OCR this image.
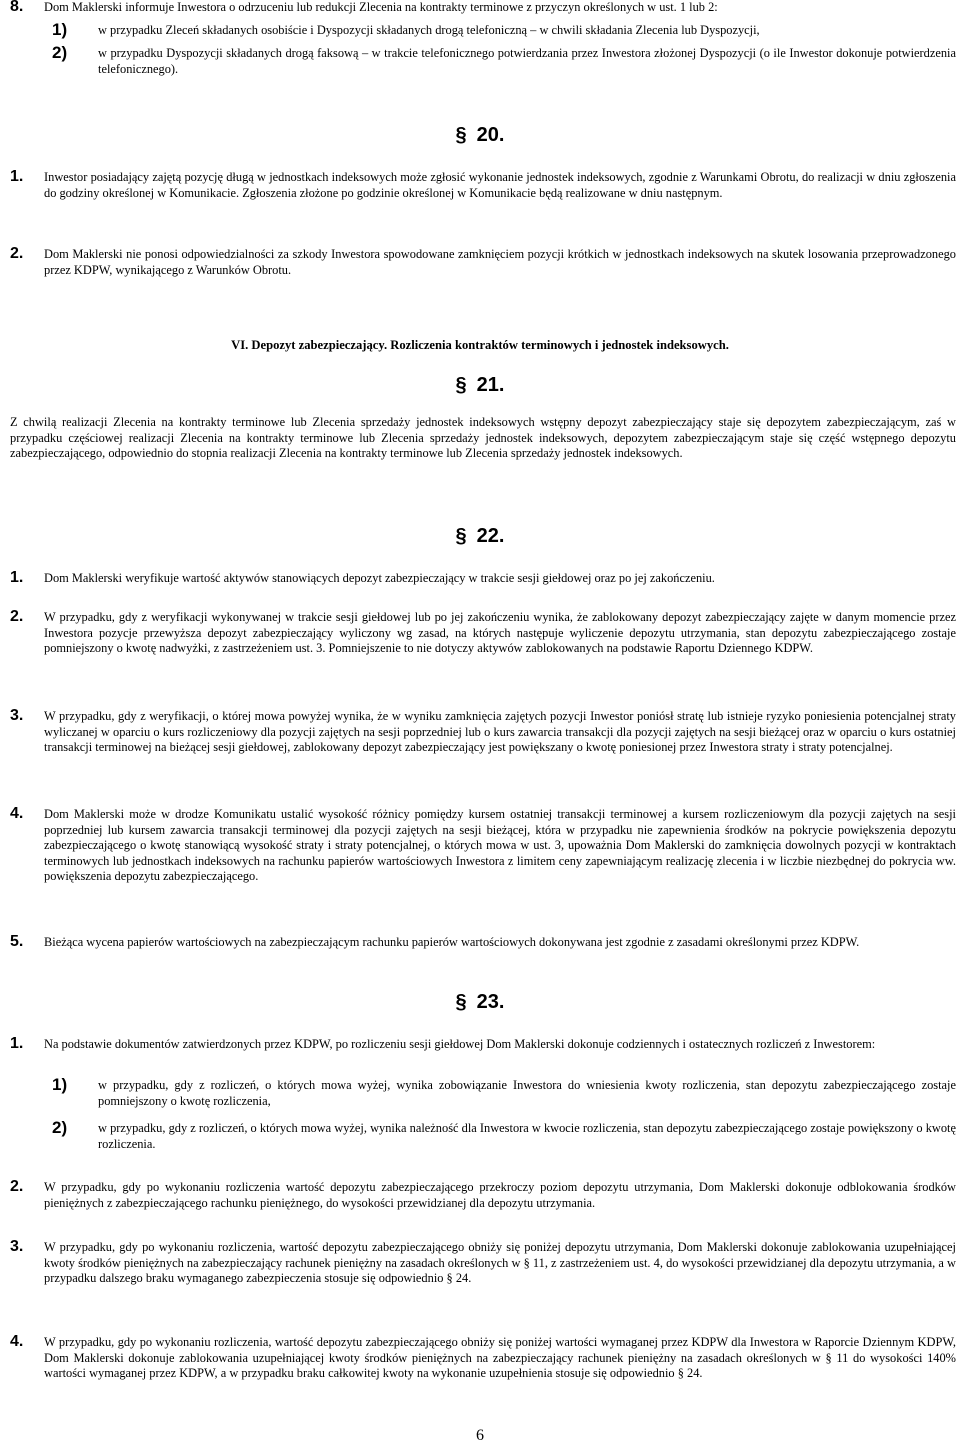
8. Dom Maklerski informuje Inwestora o odrzuceniu lub redukcji Zlecenia na kontrakty terminowe z przyczyn określonych w ust. 1 lub 2:
1) w przypadku Zleceń składanych osobiście i Dyspozycji składanych drogą telefoniczną – w chwili składania Zlecenia lub Dyspozycji,
2) w przypadku Dyspozycji składanych drogą faksową – w trakcie telefonicznego potwierdzania przez Inwestora złożonej Dyspozycji (o ile Inwestor dokonuje potwierdzenia telefonicznego).
§ 20.
1. Inwestor posiadający zajętą pozycję długą w jednostkach indeksowych może zgłosić wykonanie jednostek indeksowych, zgodnie z Warunkami Obrotu, do realizacji w dniu zgłoszenia do godziny określonej w Komunikacie. Zgłoszenia złożone po godzinie określonej w Komunikacie będą realizowane w dniu następnym.
2. Dom Maklerski nie ponosi odpowiedzialności za szkody Inwestora spowodowane zamknięciem pozycji krótkich w jednostkach indeksowych na skutek losowania przeprowadzonego przez KDPW, wynikającego z Warunków Obrotu.
VI. Depozyt zabezpieczający. Rozliczenia kontraktów terminowych i jednostek indeksowych.
§ 21.
Z chwilą realizacji Zlecenia na kontrakty terminowe lub Zlecenia sprzedaży jednostek indeksowych wstępny depozyt zabezpieczający staje się depozytem zabezpieczającym, zaś w przypadku częściowej realizacji Zlecenia na kontrakty terminowe lub Zlecenia sprzedaży jednostek indeksowych, depozytem zabezpieczającym staje się część wstępnego depozytu zabezpieczającego, odpowiednio do stopnia realizacji Zlecenia na kontrakty terminowe lub Zlecenia sprzedaży jednostek indeksowych.
§ 22.
1. Dom Maklerski weryfikuje wartość aktywów stanowiących depozyt zabezpieczający w trakcie sesji giełdowej oraz po jej zakończeniu.
2. W przypadku, gdy z weryfikacji wykonywanej w trakcie sesji giełdowej lub po jej zakończeniu wynika, że zablokowany depozyt zabezpieczający zajęte w danym momencie przez Inwestora pozycje przewyższa depozyt zabezpieczający wyliczony wg zasad, na których następuje wyliczenie depozytu utrzymania, stan depozytu zabezpieczającego zostaje pomniejszony o kwotę nadwyżki, z zastrzeżeniem ust. 3. Pomniejszenie to nie dotyczy aktywów zablokowanych na podstawie Raportu Dziennego KDPW.
3. W przypadku, gdy z weryfikacji, o której mowa powyżej wynika, że w wyniku zamknięcia zajętych pozycji Inwestor poniósł stratę lub istnieje ryzyko poniesienia potencjalnej straty wyliczanej w oparciu o kurs rozliczeniowy dla pozycji zajętych na sesji poprzedniej lub o kurs zawarcia transakcji dla pozycji zajętych na sesji bieżącej oraz w oparciu o kurs ostatniej transakcji terminowej na bieżącej sesji giełdowej, zablokowany depozyt zabezpieczający jest powiększany o kwotę poniesionej przez Inwestora straty i straty potencjalnej.
4. Dom Maklerski może w drodze Komunikatu ustalić wysokość różnicy pomiędzy kursem ostatniej transakcji terminowej a kursem rozliczeniowym dla pozycji zajętych na sesji poprzedniej lub kursem zawarcia transakcji terminowej dla pozycji zajętych na sesji bieżącej, która w przypadku nie zapewnienia środków na pokrycie powiększenia depozytu zabezpieczającego o kwotę stanowiącą wysokość straty i straty potencjalnej, o których mowa w ust. 3, upoważnia Dom Maklerski do zamknięcia dowolnych pozycji w kontraktach terminowych lub jednostkach indeksowych na rachunku papierów wartościowych Inwestora z limitem ceny zapewniającym realizację zlecenia i w liczbie niezbędnej do pokrycia ww. powiększenia depozytu zabezpieczającego.
5. Bieżąca wycena papierów wartościowych na zabezpieczającym rachunku papierów wartościowych dokonywana jest zgodnie z zasadami określonymi przez KDPW.
§ 23.
1. Na podstawie dokumentów zatwierdzonych przez KDPW, po rozliczeniu sesji giełdowej Dom Maklerski dokonuje codziennych i ostatecznych rozliczeń z Inwestorem:
1) w przypadku, gdy z rozliczeń, o których mowa wyżej, wynika zobowiązanie Inwestora do wniesienia kwoty rozliczenia, stan depozytu zabezpieczającego zostaje pomniejszony o kwotę rozliczenia,
2) w przypadku, gdy z rozliczeń, o których mowa wyżej, wynika należność dla Inwestora w kwocie rozliczenia, stan depozytu zabezpieczającego zostaje powiększony o kwotę rozliczenia.
2. W przypadku, gdy po wykonaniu rozliczenia wartość depozytu zabezpieczającego przekroczy poziom depozytu utrzymania, Dom Maklerski dokonuje odblokowania środków pieniężnych z zabezpieczającego rachunku pieniężnego, do wysokości przewidzianej dla depozytu utrzymania.
3. W przypadku, gdy po wykonaniu rozliczenia, wartość depozytu zabezpieczającego obniży się poniżej depozytu utrzymania, Dom Maklerski dokonuje zablokowania uzupełniającej kwoty środków pieniężnych na zabezpieczający rachunek pieniężny na zasadach określonych w § 11, z zastrzeżeniem ust. 4, do wysokości przewidzianej dla depozytu utrzymania, a w przypadku dalszego braku wymaganego zabezpieczenia stosuje się odpowiednio § 24.
4. W przypadku, gdy po wykonaniu rozliczenia, wartość depozytu zabezpieczającego obniży się poniżej wartości wymaganej przez KDPW dla Inwestora w Raporcie Dziennym KDPW, Dom Maklerski dokonuje zablokowania uzupełniającej kwoty środków pieniężnych na zabezpieczający rachunek pieniężny na zasadach określonych w § 11 do wysokości 140% wartości wymaganej przez KDPW, a w przypadku braku całkowitej kwoty na wykonanie uzupełnienia stosuje się odpowiednio § 24.
6
